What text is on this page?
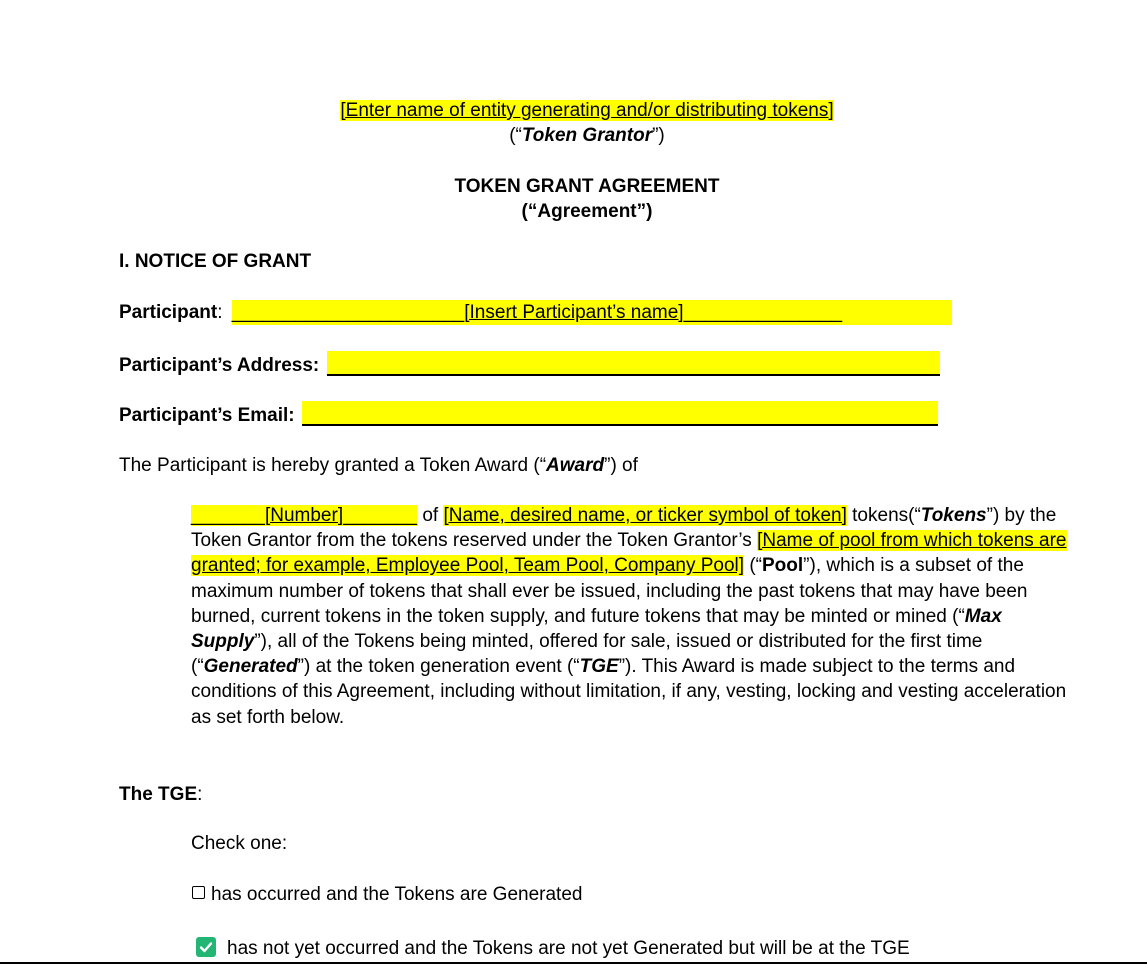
[Enter name of entity generating and/or distributing tokens]
(“Token Grantor”)
TOKEN GRANT AGREEMENT
(“Agreement”)
I. NOTICE OF GRANT
Participant: ______________________[Insert Participant’s name]_______________
Participant’s Address:
Participant’s Email:
The Participant is hereby granted a Token Award (“Award”) of
_______[Number]_______ of [Name, desired name, or ticker symbol of token] tokens(“Tokens”) by the Token Grantor from the tokens reserved under the Token Grantor’s [Name of pool from which tokens are granted; for example, Employee Pool, Team Pool, Company Pool] (“Pool”), which is a subset of the maximum number of tokens that shall ever be issued, including the past tokens that may have been burned, current tokens in the token supply, and future tokens that may be minted or mined (“Max Supply”), all of the Tokens being minted, offered for sale, issued or distributed for the first time (“Generated”) at the token generation event (“TGE”). This Award is made subject to the terms and conditions of this Agreement, including without limitation, if any, vesting, locking and vesting acceleration as set forth below.
The TGE:
Check one:
has occurred and the Tokens are Generated
has not yet occurred and the Tokens are not yet Generated but will be at the TGE
